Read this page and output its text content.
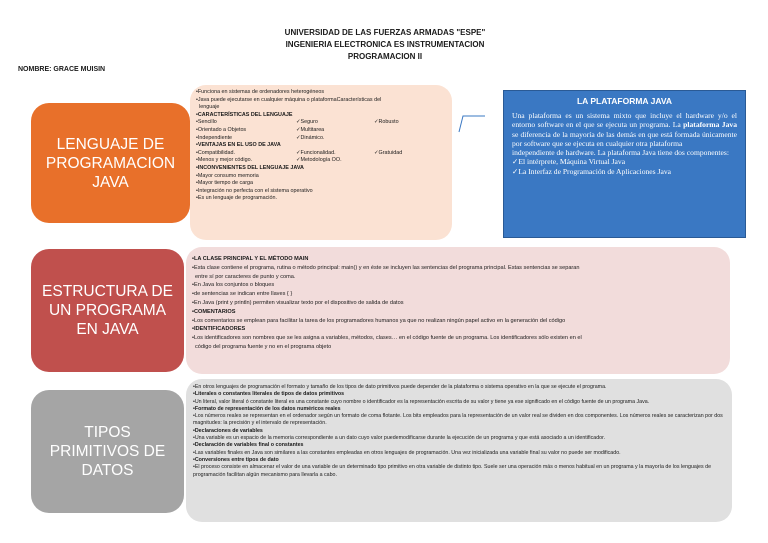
UNIVERSIDAD DE LAS FUERZAS ARMADAS "ESPE"
INGENIERIA ELECTRONICA ES INSTRUMENTACION
PROGRAMACION II
NOMBRE: GRACE MUISIN
LENGUAJE DE
PROGRAMACION
JAVA
•Funciona en sistemas de ordenadores heterogéneos
•Java puede ejecutarse en cualquier máquina o plataformaCaracterísticas del
lenguaje
•CARACTERÍSTICAS DEL LENGUAJE
•Sencillo	✓Seguro	✓Robusto
•Orientado a Objetos	✓Multitarea
•Independiente	✓Dinámico.
•VENTAJAS EN EL USO DE JAVA
•Compatibilidad.	✓Funcionalidad.	✓Gratuidad
•Menos y mejor código.	✓Metodología OO.
•INCONVENIENTES DEL LENGUAJE JAVA
•Mayor consumo memoria
•Mayor tiempo de carga
•Integración no perfecta con el sistema operativo
•Es un lenguaje de programación.
LA PLATAFORMA JAVA
Una plataforma es un sistema mixto que incluye el hardware y/o el entorno software en el que se ejecuta un programa. La plataforma Java se diferencia de la mayoría de las demás en que está formada únicamente por software que se ejecuta en cualquier otra plataforma
independiente de hardware. La plataforma Java tiene dos componentes:
✓El intérprete, Máquina Virtual Java
✓La Interfaz de Programación de Aplicaciones Java
ESTRUCTURA DE
UN PROGRAMA
EN JAVA
•LA CLASE PRINCIPAL Y EL MÉTODO MAIN
•Esta clase contiene el programa, rutina o método principal: main() y en éste se incluyen las sentencias del programa principal. Estas sentencias se separan
entre sí por caracteres de punto y coma.
•En Java los conjuntos o bloques
•de sentencias se indican entre llaves { }
•En Java (print y println) permiten visualizar texto por el dispositivo de salida de datos
•COMENTARIOS
•Los comentarios se emplean para facilitar la tarea de los programadores humanos ya que no realizan ningún papel activo en la generación del código
•IDENTIFICADORES
•Los identificadores son nombres que se les asigna a variables, métodos, clases… en el código fuente de un programa. Los identificadores sólo existen en el
código del programa fuente y no en el programa objeto
TIPOS
PRIMITIVOS DE
DATOS
•En otros lenguajes de programación el formato y tamaño de los tipos de dato primitivos puede depender de la plataforma o sistema operativo en la que se ejecute el programa.
•Literales o constantes literales de tipos de datos primitivos
•Un literal, valor literal ó constante literal es una constante cuyo nombre o identificador es la representación escrita de su valor y tiene ya ese significado en el código fuente de un programa Java.
•Formato de representación de los datos numéricos reales
•Los números reales se representan en el ordenador según un formato de coma flotante. Los bits empleados para la representación de un valor real se dividen en dos componentes. Los números reales se caracterizan por dos magnitudes: la precisión y el intervalo de representación.
•Declaraciones de variables
•Una variable es un espacio de la memoria correspondiente a un dato cuyo valor puedemodificarse durante la ejecución de un programa y que está asociado a un identificador.
•Declaración de variables final o constantes
•Las variables finales en Java son similares a las constantes empleadas en otros lenguajes de programación. Una vez inicializada una variable final su valor no puede ser modificado.
•Conversiones entre tipos de dato
•El proceso consiste en almacenar el valor de una variable de un determinado tipo primitivo en otra variable de distinto tipo. Suele ser una operación más o menos habitual en un programa y la mayoría de los lenguajes de programación facilitan algún mecanismo para llevarla a cabo.
